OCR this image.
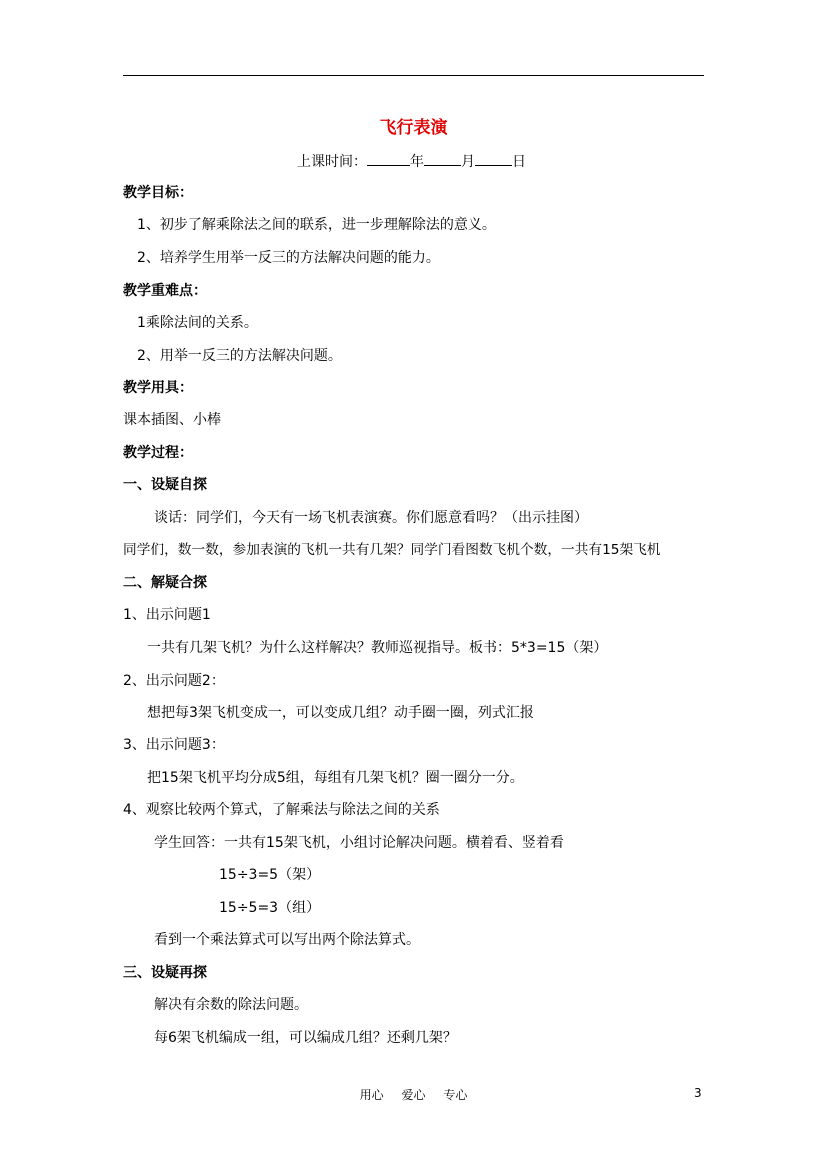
飞行表演
上课时间：	年	月	日
教学目标：
1、初步了解乘除法之间的联系，进一步理解除法的意义。
2、培养学生用举一反三的方法解决问题的能力。
教学重难点：
1乘除法间的关系。
2、用举一反三的方法解决问题。
教学用具：
课本插图、小棒
教学过程：
一、设疑自探
谈话：同学们，今天有一场飞机表演赛。你们愿意看吗？（出示挂图）
同学们，数一数，参加表演的飞机一共有几架？同学门看图数飞机个数，一共有15架飞机
二、解疑合探
1、出示问题1
一共有几架飞机？为什么这样解决？教师巡视指导。板书：5*3=15（架）
2、出示问题2：
想把每3架飞机变成一，可以变成几组？动手圈一圈，列式汇报
3、出示问题3：
把15架飞机平均分成5组，每组有几架飞机？圈一圈分一分。
4、观察比较两个算式，了解乘法与除法之间的关系
学生回答：一共有15架飞机，小组讨论解决问题。横着看、竖着看
15÷3=5（架）
15÷5=3（组）
看到一个乘法算式可以写出两个除法算式。
三、设疑再探
解决有余数的除法问题。
每6架飞机编成一组，可以编成几组？还剩几架？
用心 爱心 专心	3
